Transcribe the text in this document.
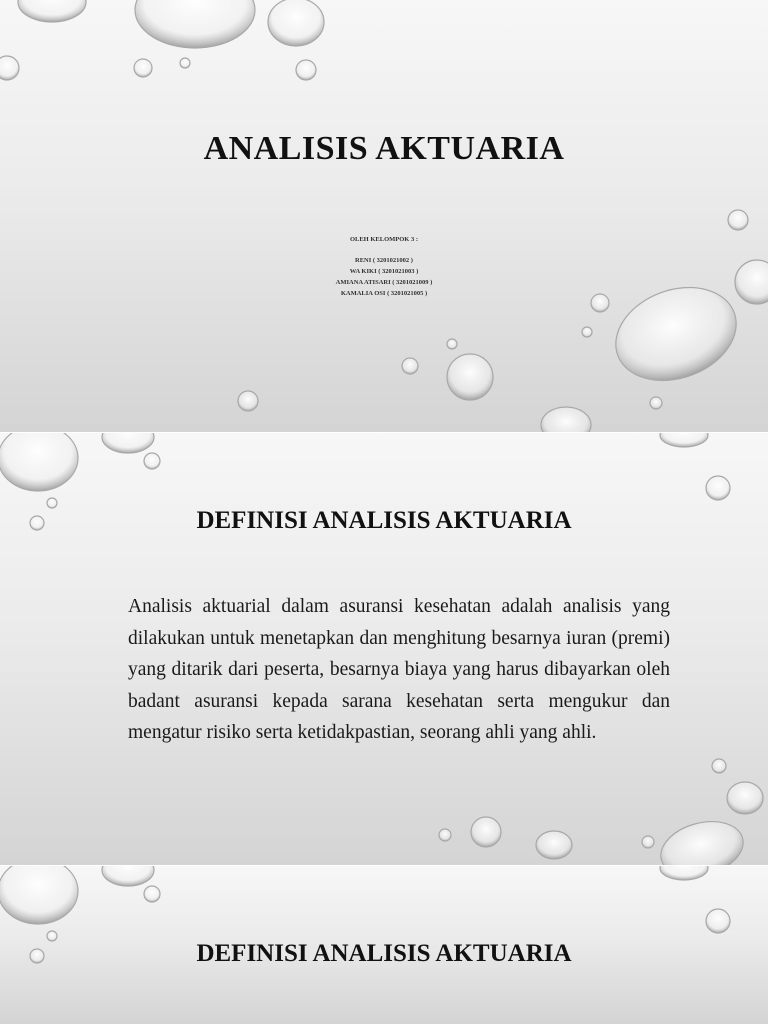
ANALISIS AKTUARIA
OLEH KELOMPOK 3 :
RENI ( 3201021002 )
WA KIKI ( 3201021003 )
AMIANA ATISARI ( 3201021009 )
KAMALIA OSI ( 3201021005 )
DEFINISI ANALISIS AKTUARIA

Analisis aktuarial dalam asuransi kesehatan adalah analisis yang dilakukan untuk menetapkan dan menghitung besarnya iuran (premi) yang ditarik dari peserta, besarnya biaya yang harus dibayarkan oleh badant asuransi kepada sarana kesehatan serta mengukur dan mengatur risiko serta ketidakpastian, seorang ahli yang ahli.

DEFINISI ANALISIS AKTUARIA
